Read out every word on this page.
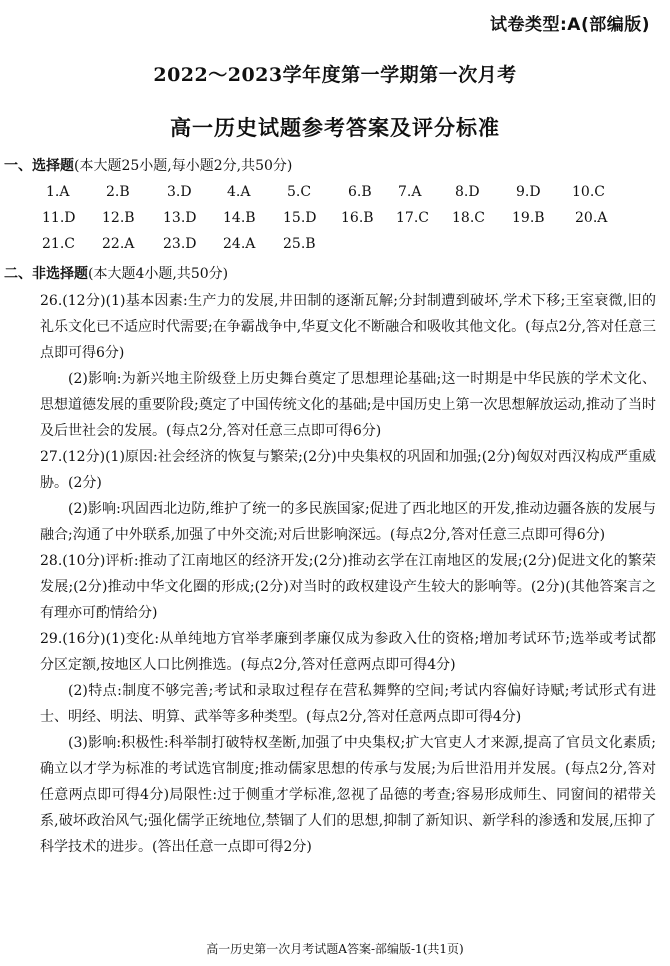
试卷类型:A(部编版)
2022～2023学年度第一学期第一次月考
高一历史试题参考答案及评分标准
一、选择题(本大题25小题,每小题2分,共50分)
1.A	2.B	3.D	4.A	5.C	6.B 7.A 8.D	9.D 10.C
11.D 12.B 13.D 14.B 15.D 16.B 17.C 18.C 19.B 20.A
21.C 22.A 23.D 24.A 25.B
二、非选择题(本大题4小题,共50分)

26.(12分)(1)基本因素:生产力的发展,井田制的逐渐瓦解;分封制遭到破坏,学术下移;王室衰微,旧的礼乐文化已不适应时代需要;在争霸战争中,华夏文化不断融合和吸收其他文化。(每点2分,答对任意三点即可得6分)

(2)影响:为新兴地主阶级登上历史舞台奠定了思想理论基础;这一时期是中华民族的学术文化、思想道德发展的重要阶段;奠定了中国传统文化的基础;是中国历史上第一次思想解放运动,推动了当时及后世社会的发展。(每点2分,答对任意三点即可得6分)

27.(12分)(1)原因:社会经济的恢复与繁荣;(2分)中央集权的巩固和加强;(2分)匈奴对西汉构成严重威胁。(2分)

(2)影响:巩固西北边防,维护了统一的多民族国家;促进了西北地区的开发,推动边疆各族的发展与融合;沟通了中外联系,加强了中外交流;对后世影响深远。(每点2分,答对任意三点即可得6分)

28.(10分)评析:推动了江南地区的经济开发;(2分)推动玄学在江南地区的发展;(2分)促进文化的繁荣发展;(2分)推动中华文化圈的形成;(2分)对当时的政权建设产生较大的影响等。(2分)(其他答案言之有理亦可酌情给分)

29.(16分)(1)变化:从单纯地方官举孝廉到孝廉仅成为参政入仕的资格;增加考试环节;选举或考试都分区定额,按地区人口比例推选。(每点2分,答对任意两点即可得4分)

(2)特点:制度不够完善;考试和录取过程存在营私舞弊的空间;考试内容偏好诗赋;考试形式有进士、明经、明法、明算、武举等多种类型。(每点2分,答对任意两点即可得4分)

(3)影响:积极性:科举制打破特权垄断,加强了中央集权;扩大官吏人才来源,提高了官员文化素质;确立以才学为标准的考试选官制度;推动儒家思想的传承与发展;为后世沿用并发展。(每点2分,答对任意两点即可得4分)局限性:过于侧重才学标准,忽视了品德的考查;容易形成师生、同窗间的裙带关系,破坏政治风气;强化儒学正统地位,禁锢了人们的思想,抑制了新知识、新学科的渗透和发展,压抑了科学技术的进步。(答出任意一点即可得2分)

高一历史第一次月考试题A答案-部编版-1(共1页)
